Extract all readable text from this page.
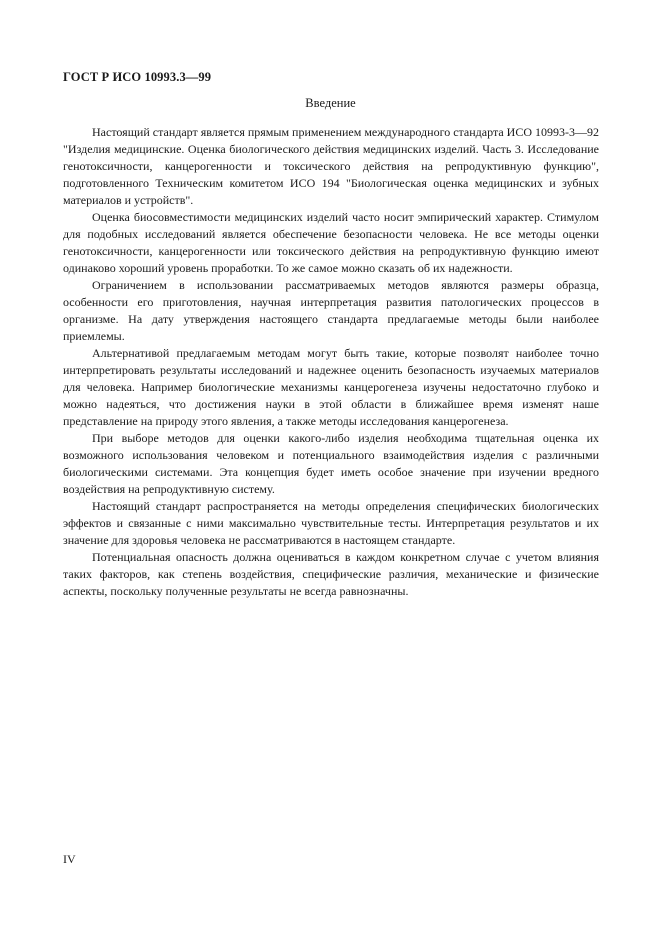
ГОСТ Р ИСО 10993.3—99
Введение

Настоящий стандарт является прямым применением международного стандарта ИСО 10993-3—92 "Изделия медицинские. Оценка биологического действия медицинских изделий. Часть 3. Исследование генотоксичности, канцерогенности и токсического действия на репродуктивную функцию", подготовленного Техническим комитетом ИСО 194 "Биологическая оценка медицинских и зубных материалов и устройств".

Оценка биосовместимости медицинских изделий часто носит эмпирический характер. Стимулом для подобных исследований является обеспечение безопасности человека. Не все методы оценки генотоксичности, канцерогенности или токсического действия на репродуктивную функцию имеют одинаково хороший уровень проработки. То же самое можно сказать об их надежности.

Ограничением в использовании рассматриваемых методов являются размеры образца, особенности его приготовления, научная интерпретация развития патологических процессов в организме. На дату утверждения настоящего стандарта предлагаемые методы были наиболее приемлемы.

Альтернативой предлагаемым методам могут быть такие, которые позволят наиболее точно интерпретировать результаты исследований и надежнее оценить безопасность изучаемых материалов для человека. Например биологические механизмы канцерогенеза изучены недостаточно глубоко и можно надеяться, что достижения науки в этой области в ближайшее время изменят наше представление на природу этого явления, а также методы исследования канцерогенеза.

При выборе методов для оценки какого-либо изделия необходима тщательная оценка их возможного использования человеком и потенциального взаимодействия изделия с различными биологическими системами. Эта концепция будет иметь особое значение при изучении вредного воздействия на репродуктивную систему.

Настоящий стандарт распространяется на методы определения специфических биологических эффектов и связанные с ними максимально чувствительные тесты. Интерпретация результатов и их значение для здоровья человека не рассматриваются в настоящем стандарте.

Потенциальная опасность должна оцениваться в каждом конкретном случае с учетом влияния таких факторов, как степень воздействия, специфические различия, механические и физические аспекты, поскольку полученные результаты не всегда равнозначны.

IV
